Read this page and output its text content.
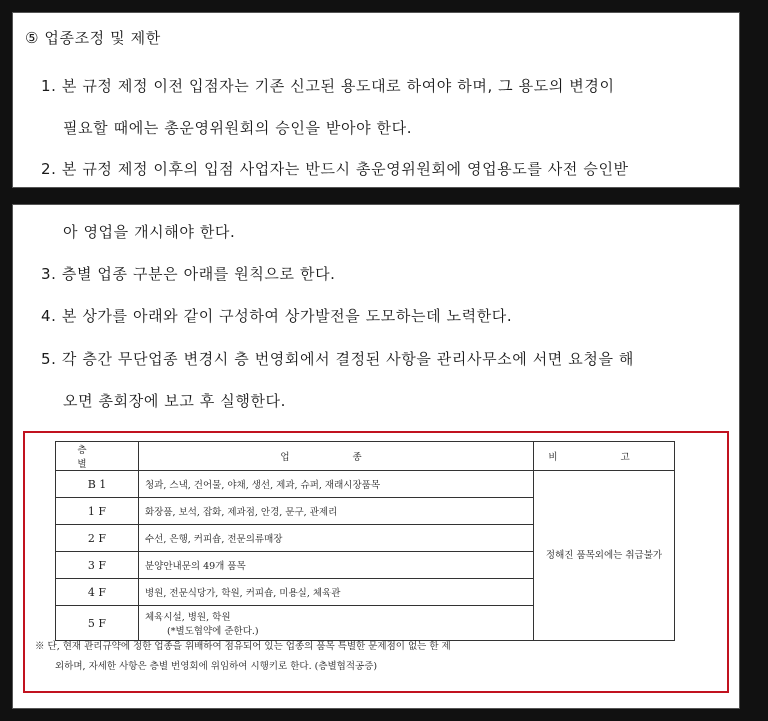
⑤ 업종조정 및 제한
1. 본 규정 제정 이전 입점자는 기존 신고된 용도대로 하여야 하며, 그 용도의 변경이
필요할 때에는 총운영위원회의 승인을 받아야 한다.
2. 본 규정 제정 이후의 입점 사업자는 반드시 총운영위원회에 영업용도를 사전 승인받
아 영업을 개시해야 한다.
3. 층별 업종 구분은 아래를 원칙으로 한다.
4. 본 상가를 아래와 같이 구성하여 상가발전을 도모하는데 노력한다.
5. 각 층간 무단업종 변경시 층 번영회에서 결정된 사항을 관리사무소에 서면 요청을 해
오면 총회장에 보고 후 실행한다.
층 별	업 종	비 고
B 1	청과, 스낵, 건어물, 야채, 생선, 제과, 슈퍼, 재래시장품목	정해진 품목외에는 취급불가
1 F	화장품, 보석, 잡화, 제과점, 안경, 문구, 관제리	
2 F	수선, 은행, 커피숍, 전문의류매장	
3 F	분양안내문의 49개 품목	
4 F	병원, 전문식당가, 학원, 커피숍, 미용실, 체육관	
5 F	체육시설, 병원, 학원
(*별도협약에 준한다.)	
※ 단, 현재 관리규약에 정한 업종을 위배하여 점유되어 있는 업종의 품목 특별한 문제점이 없는 한 제
외하며, 자세한 사항은 층별 번영회에 위임하여 시행키로 한다. (층별협적공증)
